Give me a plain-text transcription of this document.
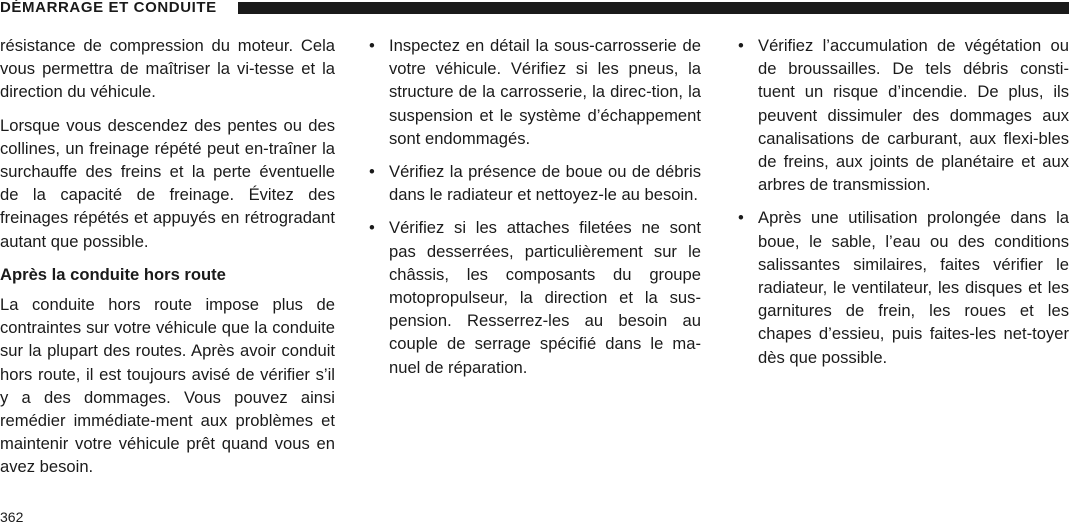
DÉMARRAGE ET CONDUITE

résistance de compression du moteur. Cela vous permettra de maîtriser la vi-tesse et la direction du véhicule.

Lorsque vous descendez des pentes ou des collines, un freinage répété peut en-traîner la surchauffe des freins et la perte éventuelle de la capacité de freinage. Évitez des freinages répétés et appuyés en rétrogradant autant que possible.

Après la conduite hors route

La conduite hors route impose plus de contraintes sur votre véhicule que la conduite sur la plupart des routes. Après avoir conduit hors route, il est toujours avisé de vérifier s’il y a des dommages. Vous pouvez ainsi remédier immédiate-ment aux problèmes et maintenir votre véhicule prêt quand vous en avez besoin.

• Inspectez en détail la sous-carrosserie de votre véhicule. Vérifiez si les pneus, la structure de la carrosserie, la direc-tion, la suspension et le système d’échappement sont endommagés.
• Vérifiez la présence de boue ou de débris dans le radiateur et nettoyez-le au besoin.
• Vérifiez si les attaches filetées ne sont pas desserrées, particulièrement sur le châssis, les composants du groupe motopropulseur, la direction et la sus-pension. Resserrez-les au besoin au couple de serrage spécifié dans le ma-nuel de réparation.
• Vérifiez l’accumulation de végétation ou de broussailles. De tels débris consti-tuent un risque d’incendie. De plus, ils peuvent dissimuler des dommages aux canalisations de carburant, aux flexi-bles de freins, aux joints de planétaire et aux arbres de transmission.
• Après une utilisation prolongée dans la boue, le sable, l’eau ou des conditions salissantes similaires, faites vérifier le radiateur, le ventilateur, les disques et les garnitures de frein, les roues et les chapes d’essieu, puis faites-les net-toyer dès que possible.
362
